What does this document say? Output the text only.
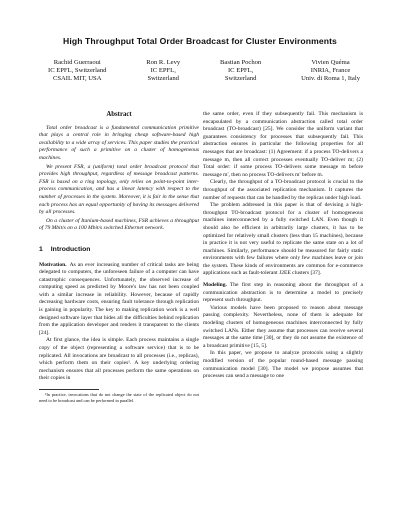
High Throughput Total Order Broadcast for Cluster Environments
Rachid Guerraoui
IC EPFL, Switzerland
CSAIL MIT, USA
Ron R. Levy
IC EPFL,
Switzerland
Bastian Pochon
IC EPFL,
Switzerland
Vivien Quéma
INRIA, France
Univ. di Roma 1, Italy
Abstract

Total order broadcast is a fundamental communication primitive that plays a central role in bringing cheap software-based high availability to a wide array of services. This paper studies the practical performance of such a primitive on a cluster of homogeneous machines.

We present FSR, a (uniform) total order broadcast protocol that provides high throughput, regardless of message broadcast patterns. FSR is based on a ring topology, only relies on point-to-point inter-process communication, and has a linear latency with respect to the number of processes in the system. Moreover, it is fair in the sense that each process has an equal opportunity of having its messages delivered by all processes.

On a cluster of Itanium-based machines, FSR achieves a throughput of 79 Mbit/s on a 100 Mbit/s switched Ethernet network.

1 Introduction

Motivation. As an ever increasing number of critical tasks are being delegated to computers, the unforeseen failure of a computer can have catastrophic consequences. Unfortunately, the observed increase of computing speed as predicted by Moore's law has not been coupled with a similar increase in reliability. However, because of rapidly decreasing hardware costs, ensuring fault tolerance through replication is gaining in popularity. The key to making replication work is a well designed software layer that hides all the difficulties behind replication from the application developer and renders it transparent to the clients [24].

At first glance, the idea is simple. Each process maintains a single copy of the object (representing a software service) that is to be replicated. All invocations are broadcast to all processes (i.e., replicas), which perform them on their copies¹. A key underlying ordering mechanism ensures that all processes perform the same operations on their copies in

¹In practice, invocations that do not change the state of the replicated object do not need to be broadcast and can be performed in parallel.

the same order, even if they subsequently fail. This mechanism is encapsulated by a communication abstraction called total order broadcast (TO-broadcast) [25]. We consider the uniform variant that guarantees consistency for processes that subsequently fail. This abstraction ensures in particular the following properties for all messages that are broadcast: (1) Agreement: if a process TO-delivers a message m, then all correct processes eventually TO-deliver m; (2) Total order: if some process TO-delivers some message m before message m', then no process TO-delivers m' before m.

Clearly, the throughput of a TO-broadcast protocol is crucial to the throughput of the associated replication mechanism. It captures the number of requests that can be handled by the replicas under high load.

The problem addressed in this paper is that of devising a high-throughput TO-broadcast protocol for a cluster of homogeneous machines interconnected by a fully switched LAN. Even though it should also be efficient in arbitrarily large clusters, it has to be optimized for relatively small clusters (less than 15 machines), because in practice it is not very useful to replicate the same state on a lot of machines. Similarly, performance should be measured for fairly static environments with few failures where only few machines leave or join the system. These kinds of environments are common for e-commerce applications such as fault-tolerant J2EE clusters [37].

Modeling. The first step in reasoning about the throughput of a communication abstraction is to determine a model to precisely represent such throughput.

Various models have been proposed to reason about message passing complexity. Nevertheless, none of them is adequate for modeling clusters of homogeneous machines interconnected by fully switched LANs. Either they assume that processes can receive several messages at the same time [30], or they do not assume the existence of a broadcast primitive [15, 5].

In this paper, we propose to analyze protocols using a slightly modified version of the popular round-based message passing communication model [30]. The model we propose assumes that processes can send a message to one
